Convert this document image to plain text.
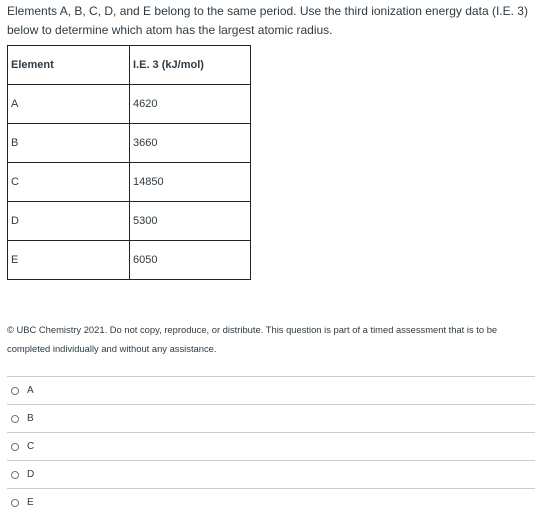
Elements A, B, C, D, and E belong to the same period. Use the third ionization energy data (I.E. 3) below to determine which atom has the largest atomic radius.

Element	I.E. 3 (kJ/mol)
A	4620
B	3660
C	14850
D	5300
E	6050

© UBC Chemistry 2021. Do not copy, reproduce, or distribute. This question is part of a timed assessment that is to be completed individually and without any assistance.

A
B
C
D
E
